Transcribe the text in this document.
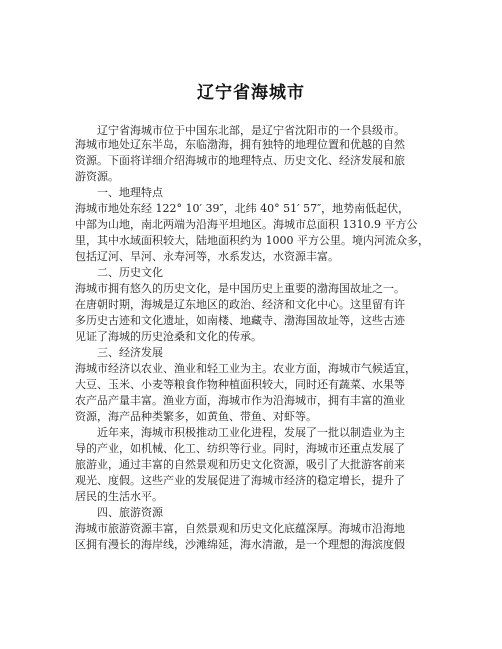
辽宁省海城市
　　辽宁省海城市位于中国东北部，是辽宁省沈阳市的一个县级市。
海城市地处辽东半岛，东临渤海，拥有独特的地理位置和优越的自然
资源。下面将详细介绍海城市的地理特点、历史文化、经济发展和旅
游资源。
　　一、地理特点
海城市地处东经 122° 10′ 39″，北纬 40° 51′ 57″，地势南低起伏，
中部为山地，南北两端为沿海平坦地区。海城市总面积 1310.9 平方公
里，其中水域面积较大，陆地面积约为 1000 平方公里。境内河流众多，
包括辽河、旱河、永寿河等，水系发达，水资源丰富。
　　二、历史文化
海城市拥有悠久的历史文化，是中国历史上重要的渤海国故址之一。
在唐朝时期，海城是辽东地区的政治、经济和文化中心。这里留有许
多历史古迹和文化遗址，如南楼、地藏寺、渤海国故址等，这些古迹
见证了海城的历史沧桑和文化的传承。
　　三、经济发展
海城市经济以农业、渔业和轻工业为主。农业方面，海城市气候适宜，
大豆、玉米、小麦等粮食作物种植面积较大，同时还有蔬菜、水果等
农产品产量丰富。渔业方面，海城市作为沿海城市，拥有丰富的渔业
资源，海产品种类繁多，如黄鱼、带鱼、对虾等。
　　近年来，海城市积极推动工业化进程，发展了一批以制造业为主
导的产业，如机械、化工、纺织等行业。同时，海城市还重点发展了
旅游业，通过丰富的自然景观和历史文化资源，吸引了大批游客前来
观光、度假。这些产业的发展促进了海城市经济的稳定增长，提升了
居民的生活水平。
　　四、旅游资源
海城市旅游资源丰富，自然景观和历史文化底蕴深厚。海城市沿海地
区拥有漫长的海岸线，沙滩绵延，海水清澈，是一个理想的海滨度假
